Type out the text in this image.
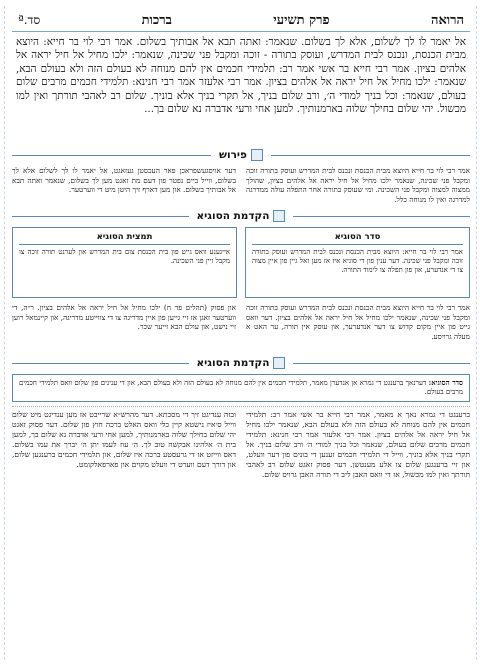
הרואה
פרק תשיעי
ברכות
סד.ª
אל יאמר לו לך לשלום, אלא לך בשלום. שנאמר: ואתה תבא אל אבותיך בשלום. אמר רבי לוי בר חייא: היוצא מבית הכנסת, ונכנס לבית המדרש, ועוסק בתורה - זוכה ומקבל פני שכינה, שנאמר: ילכו מחיל אל חיל יראה אל אלהים בציון. אמר רבי חייא בר אשי אמר רב: תלמידי חכמים אין להם מנוחה לא בעולם הזה ולא בעולם הבא, שנאמר: ילכו מחיל אל חיל יראה אל אלהים בציון. אמר רבי אלעזר אמר רבי חנינא: תלמידי חכמים מרבים שלום בעולם, שנאמר: וכל בניך למודי ה׳, ורב שלום בניך, אל תקרי בניך אלא בוניך. שלום רב לאהבי תורתך ואין למו מכשול. יהי שלום בחילך שלוה בארמנותיך. למען אחי ורעי אדברה נא שלום בך...
פירוש
אמר רבי לוי בר חייא היוצא מבית הכנסת ונכנס לבית המדרש ועוסק בתורה זוכה ומקבל פני שכינה, שנאמר ילכו מחיל אל חיל יראה אל אלהים בציון, שהולך ממצוה למצוה ומקבל פני השכינה. ומי שעוסק בתורה אחר התפלה עולה ממדרגה למדרגה ואין לו מנוחה כלל.
דער אויסגעשפראכן פאר העכסטן געזאגט, אל יאמר לו לך לשלום אלא לך בשלום, ווייל ביים נפטר פון דעם מת זאגט מען לך בשלום, שנאמר ואתה תבא אל אבותיך בשלום. און מען דארף זיך היטן מיט די ווערטער.
הקדמת הסוגיא
סדר הסוגיא
אמר רבי לוי בר חייא: היוצא מבית הכנסת ונכנס לבית המדרש ועוסק בתורה זוכה ומקבל פני שכינה. דער ענין פון די סוגיא איז אז מען זאל גיין פון איין מצוה צו די אנדערע, און פון תפלה צו לימוד התורה.
תמצית הסוגיא
אייגענע וואס גייט פון בית הכנסת צום בית המדרש און לערנט תורה זוכה צו מקבל זיין פני השכינה.
אמר רבי לוי בר חייא היוצא מבית הכנסת ונכנס לבית המדרש ועוסק בתורה זוכה ומקבל פני שכינה, שנאמר ילכו מחיל אל חיל יראה אל אלהים בציון. דער וואס גייט פון איין מקום קדוש צו דער אנדערער, און עוסק אין תורה, ער האט א מעלה גרויסע.
און פסוק (תהלים פד ח) ילכו מחיל אל חיל יראה אל אלהים בציון. ר״ה, די ווערטער זאגן אז זיי גייען פון איין מדריגה צו די צווייטע מדריגה, און קיינמאל רוען זיי נישט, און עולם הבא זייער שכר.
הקדמת הסוגיא
סדר הסוגיא: דערנאך ברענגט די גמרא אן אנדערן מאמר, תלמידי חכמים אין להם מנוחה לא בעולם הזה ולא בעולם הבא, און די ענינים פון שלום וואס תלמידי חכמים מרבים בעולם.
ברענגט די גמרא נאך א מאמר, אמר רבי חייא בר אשי אמר רב: תלמידי חכמים אין להם מנוחה לא בעולם הזה ולא בעולם הבא, שנאמר ילכו מחיל אל חיל יראה אל אלהים בציון. אמר רבי אלעזר אמר רבי חנינא: תלמידי חכמים מרבים שלום בעולם, שנאמר וכל בניך למודי ה׳ ורב שלום בניך. אל תקרי בניך אלא בוניך, ווייל די תלמידי חכמים זענען די בונים פון דער וועלט, און זיי ברענגען שלום צו אלע מענטשן. דער פסוק זאגט שלום רב לאהבי תורתך ואין למו מכשול, אז די וואס האבן ליב די תורה האבן גרויס שלום.
ובזה ענדיגט זיך די מסכתא. דער מהרש״א שרייבט אז מען ענדיגט מיט שלום ווייל ס׳איז נישטא קיין כלי וואס האלט ברכה חוץ פון שלום. דער פסוק זאגט יהי שלום בחילך שלוה בארמנותיך, למען אחי ורעי אדברה נא שלום בך, למען בית ה׳ אלהינו אבקשה טוב לך. ה׳ עוז לעמו יתן ה׳ יברך את עמו בשלום. דאס ווייזט אז די גרעסטע ברכה איז שלום, און תלמידי חכמים ברענגען שלום, און דורך דעם ווערט די וועלט מקוים און פארפאלקומט.
